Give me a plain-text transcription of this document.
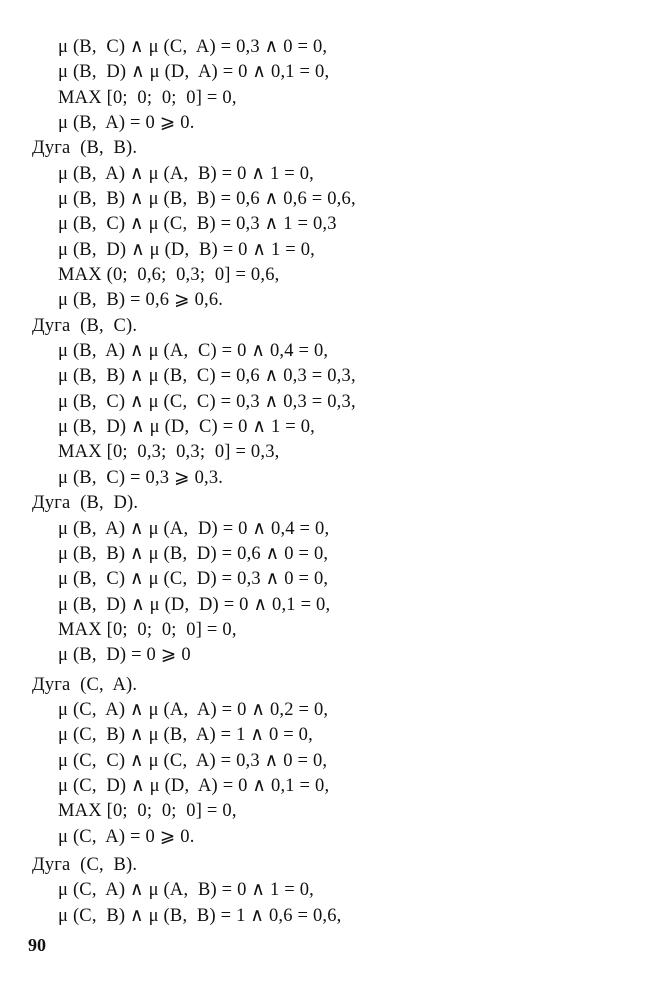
μ (B,  C) ∧ μ (C,  A) = 0,3 ∧ 0 = 0,
μ (B,  D) ∧ μ (D,  A) = 0 ∧ 0,1 = 0,
MAX [0;  0;  0;  0] = 0,
μ (B,  A) = 0 ⩾ 0.
Дуга  (B,  B).
μ (B,  A) ∧ μ (A,  B) = 0 ∧ 1 = 0,
μ (B,  B) ∧ μ (B,  B) = 0,6 ∧ 0,6 = 0,6,
μ (B,  C) ∧ μ (C,  B) = 0,3 ∧ 1 = 0,3
μ (B,  D) ∧ μ (D,  B) = 0 ∧ 1 = 0,
MAX (0;  0,6;  0,3;  0] = 0,6,
μ (B,  B) = 0,6 ⩾ 0,6.
Дуга  (B,  C).
μ (B,  A) ∧ μ (A,  C) = 0 ∧ 0,4 = 0,
μ (B,  B) ∧ μ (B,  C) = 0,6 ∧ 0,3 = 0,3,
μ (B,  C) ∧ μ (C,  C) = 0,3 ∧ 0,3 = 0,3,
μ (B,  D) ∧ μ (D,  C) = 0 ∧ 1 = 0,
MAX [0;  0,3;  0,3;  0] = 0,3,
μ (B,  C) = 0,3 ⩾ 0,3.
Дуга  (B,  D).
μ (B,  A) ∧ μ (A,  D) = 0 ∧ 0,4 = 0,
μ (B,  B) ∧ μ (B,  D) = 0,6 ∧ 0 = 0,
μ (B,  C) ∧ μ (C,  D) = 0,3 ∧ 0 = 0,
μ (B,  D) ∧ μ (D,  D) = 0 ∧ 0,1 = 0,
MAX [0;  0;  0;  0] = 0,
μ (B,  D) = 0 ⩾ 0
Дуга  (C,  A).
μ (C,  A) ∧ μ (A,  A) = 0 ∧ 0,2 = 0,
μ (C,  B) ∧ μ (B,  A) = 1 ∧ 0 = 0,
μ (C,  C) ∧ μ (C,  A) = 0,3 ∧ 0 = 0,
μ (C,  D) ∧ μ (D,  A) = 0 ∧ 0,1 = 0,
MAX [0;  0;  0;  0] = 0,
μ (C,  A) = 0 ⩾ 0.
Дуга  (C,  B).
μ (C,  A) ∧ μ (A,  B) = 0 ∧ 1 = 0,
μ (C,  B) ∧ μ (B,  B) = 1 ∧ 0,6 = 0,6,
90
